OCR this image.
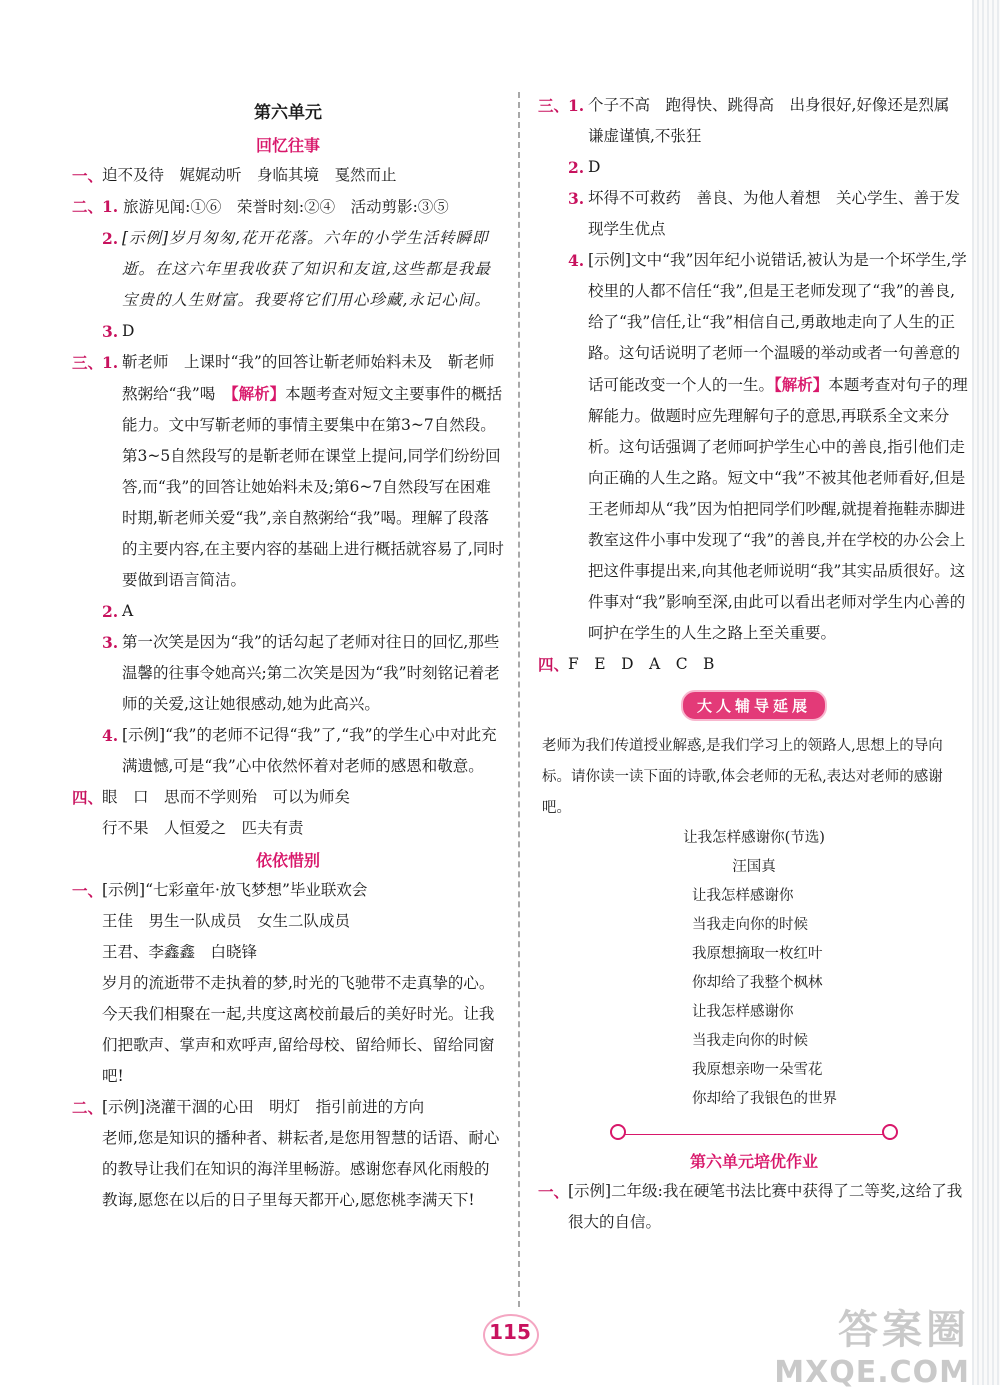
第六单元
回忆往事
一、
迫不及待　娓娓动听　身临其境　戛然而止
二、
1. 旅游见闻:①⑥　荣誉时刻:②④　活动剪影:③⑤
2. [示例]岁月匆匆,花开花落。六年的小学生活转瞬即逝。在这六年里我收获了知识和友谊,这些都是我最宝贵的人生财富。我要将它们用心珍藏,永记心间。
3. D
三、
1. 靳老师　上课时“我”的回答让靳老师始料未及　靳老师熬粥给“我”喝　【解析】本题考查对短文主要事件的概括能力。文中写靳老师的事情主要集中在第3~7自然段。第3~5自然段写的是靳老师在课堂上提问,同学们纷纷回答,而“我”的回答让她始料未及;第6~7自然段写在困难时期,靳老师关爱“我”,亲自熬粥给“我”喝。理解了段落的主要内容,在主要内容的基础上进行概括就容易了,同时要做到语言简洁。
2. A
3. 第一次笑是因为“我”的话勾起了老师对往日的回忆,那些温馨的往事令她高兴;第二次笑是因为“我”时刻铭记着老师的关爱,这让她很感动,她为此高兴。
4. [示例]“我”的老师不记得“我”了,“我”的学生心中对此充满遗憾,可是“我”心中依然怀着对老师的感恩和敬意。
四、
眼　口　思而不学则殆　可以为师矣
行不果　人恒爱之　匹夫有责
依依惜别
一、
[示例]“七彩童年·放飞梦想”毕业联欢会
王佳　男生一队成员　女生二队成员
王君、李鑫鑫　白晓锋
岁月的流逝带不走执着的梦,时光的飞驰带不走真挚的心。今天我们相聚在一起,共度这离校前最后的美好时光。让我们把歌声、掌声和欢呼声,留给母校、留给师长、留给同窗吧!
二、
[示例]浇灌干涸的心田　明灯　指引前进的方向
老师,您是知识的播种者、耕耘者,是您用智慧的话语、耐心的教导让我们在知识的海洋里畅游。感谢您春风化雨般的教诲,愿您在以后的日子里每天都开心,愿您桃李满天下!
三、
1. 个子不高　跑得快、跳得高　出身很好,好像还是烈属　谦虚谨慎,不张狂
2. D
3. 坏得不可救药　善良、为他人着想　关心学生、善于发现学生优点
4. [示例]文中“我”因年纪小说错话,被认为是一个坏学生,学校里的人都不信任“我”,但是王老师发现了“我”的善良,给了“我”信任,让“我”相信自己,勇敢地走向了人生的正路。这句话说明了老师一个温暖的举动或者一句善意的话可能改变一个人的一生。【解析】本题考查对句子的理解能力。做题时应先理解句子的意思,再联系全文来分析。这句话强调了老师呵护学生心中的善良,指引他们走向正确的人生之路。短文中“我”不被其他老师看好,但是王老师却从“我”因为怕把同学们吵醒,就提着拖鞋赤脚进教室这件小事中发现了“我”的善良,并在学校的办公会上把这件事提出来,向其他老师说明“我”其实品质很好。这件事对“我”影响至深,由此可以看出老师对学生内心善的呵护在学生的人生之路上至关重要。
四、
F　E　D　A　C　B
大人辅导延展
老师为我们传道授业解惑,是我们学习上的领路人,思想上的导向标。请你读一读下面的诗歌,体会老师的无私,表达对老师的感谢吧。
让我怎样感谢你(节选)
汪国真
让我怎样感谢你
当我走向你的时候
我原想摘取一枚红叶
你却给了我整个枫林
让我怎样感谢你
当我走向你的时候
我原想亲吻一朵雪花
你却给了我银色的世界
第六单元培优作业
一、
[示例]二年级:我在硬笔书法比赛中获得了二等奖,这给了我很大的自信。
115	答案圈
MXQE.COM
